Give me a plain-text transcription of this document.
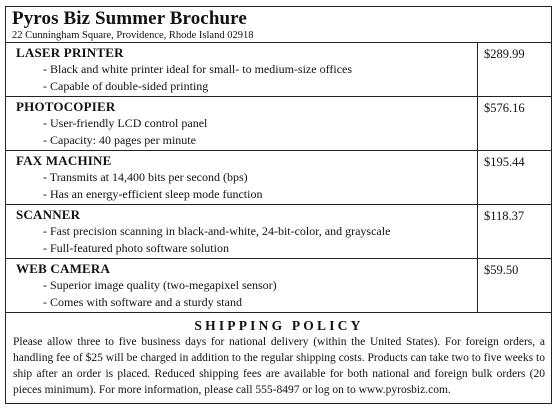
Pyros Biz Summer Brochure
22 Cunningham Square, Providence, Rhode Island 02918
LASER PRINTER
- Black and white printer ideal for small- to medium-size offices
- Capable of double-sided printing
$289.99
PHOTOCOPIER
- User-friendly LCD control panel
- Capacity: 40 pages per minute
$576.16
FAX MACHINE
- Transmits at 14,400 bits per second (bps)
- Has an energy-efficient sleep mode function
$195.44
SCANNER
- Fast precision scanning in black-and-white, 24-bit-color, and grayscale
- Full-featured photo software solution
$118.37
WEB CAMERA
- Superior image quality (two-megapixel sensor)
- Comes with software and a sturdy stand
$59.50
SHIPPING POLICY
Please allow three to five business days for national delivery (within the United States). For foreign orders, a handling fee of $25 will be charged in addition to the regular shipping costs. Products can take two to five weeks to ship after an order is placed. Reduced shipping fees are available for both national and foreign bulk orders (20 pieces minimum). For more information, please call 555-8497 or log on to www.pyrosbiz.com.
